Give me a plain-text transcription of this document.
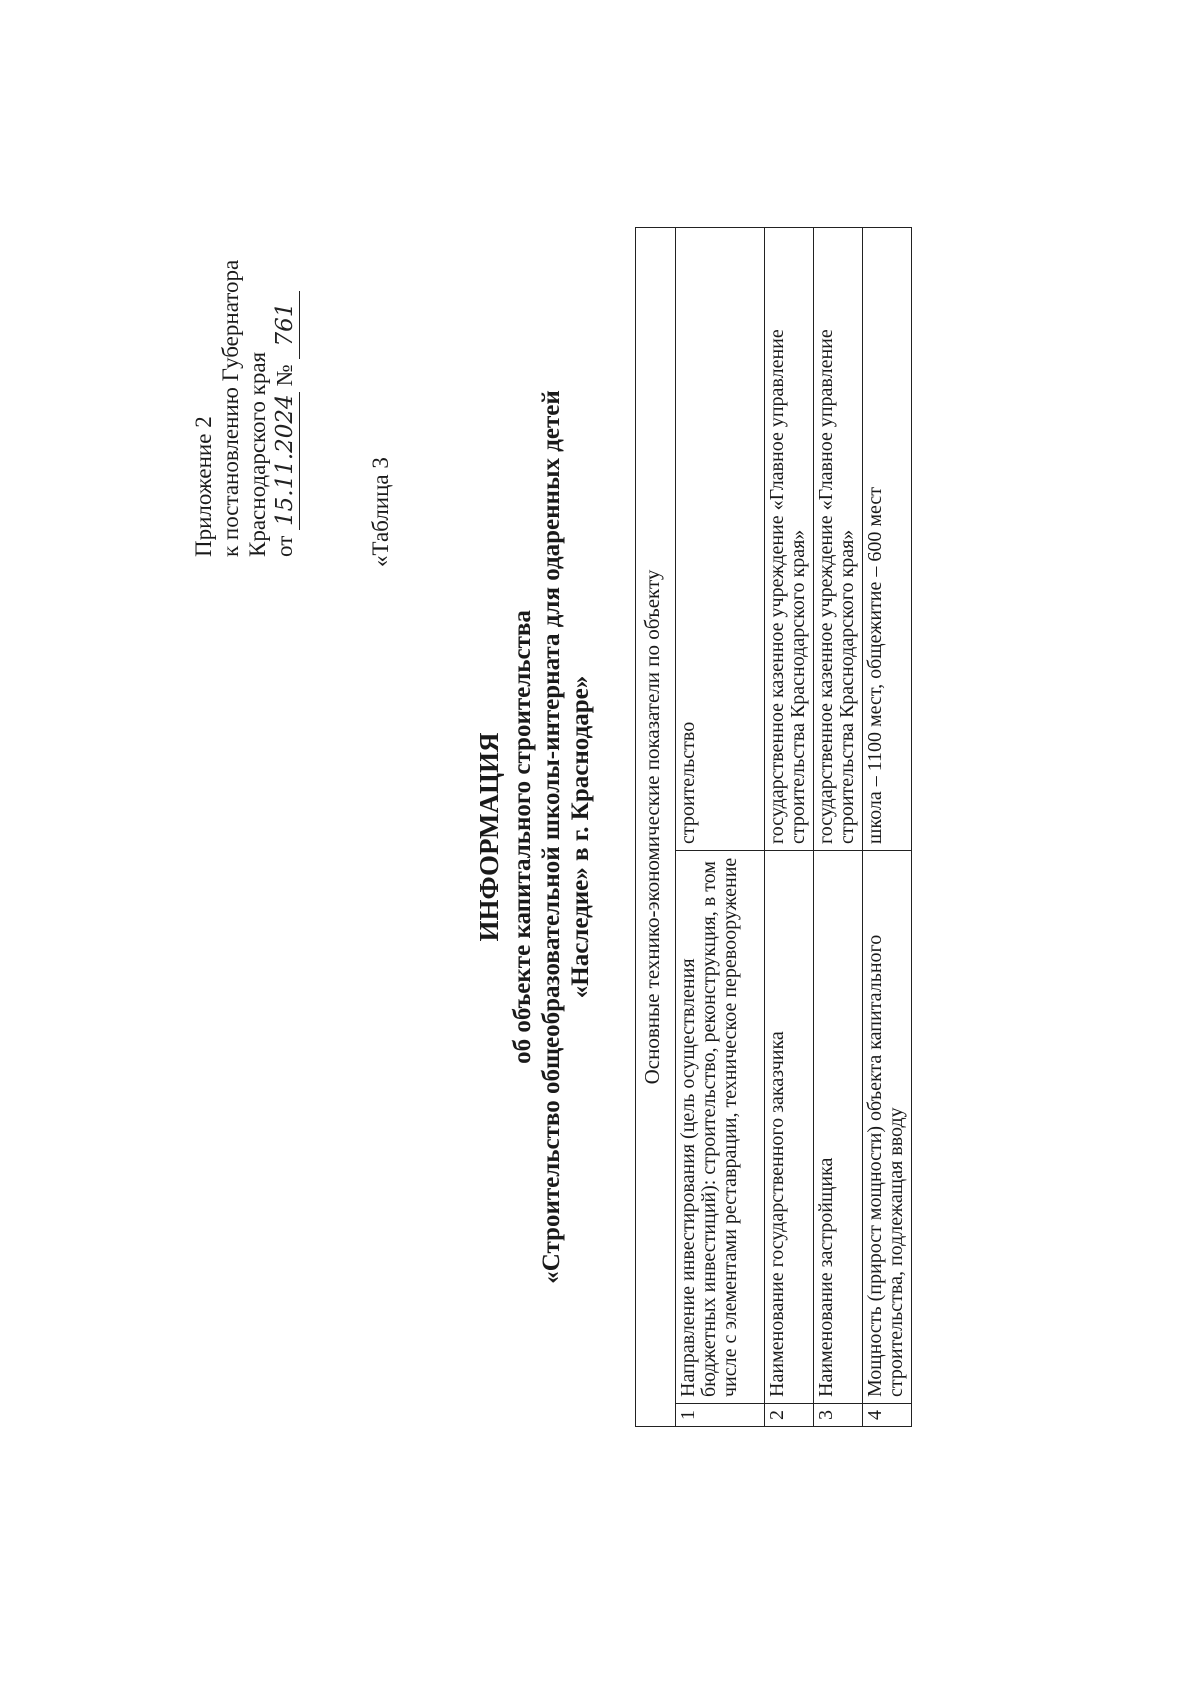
Приложение 2 к постановлению Губернатора Краснодарского края от 15.11.2024 № 761
«Таблица 3
ИНФОРМАЦИЯ об объекте капитального строительства «Строительство общеобразовательной школы-интерната для одаренных детей «Наследие» в г. Краснодаре» Основные технико-экономические показатели по объекту		
1	Направление инвестирования (цель осуществления бюджетных инвестиций): строительство, реконструкция, в том числе с элементами реставрации, техническое перевооружение	строительство
2	Наименование государственного заказчика	государственное казенное учреждение «Главное управление строительства Краснодарского края»
3	Наименование застройщика	государственное казенное учреждение «Главное управление строительства Краснодарского края»
4	Мощность (прирост мощности) объекта капитального строительства, подлежащая вводу	школа – 1100 мест, общежитие – 600 мест
